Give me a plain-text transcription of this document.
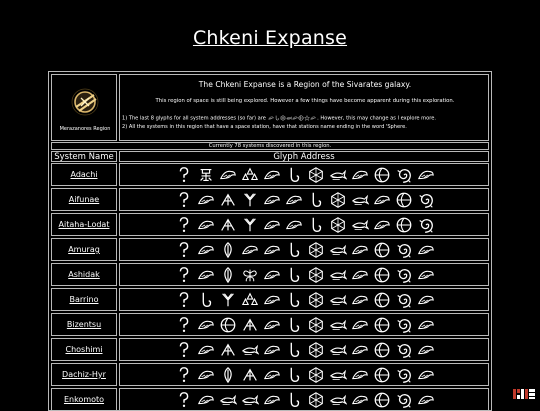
Chkeni Expanse
Merazanores Region
The Chkeni Expanse is a Region of the Sivarates galaxy.
This region of space is still being explored. However a few things have become apparent during this exploration.
1) The last 8 glyphs for all system addresses (so far) are	. However, this may change as I explore more.
2) All the systems in this region that have a space station, have that stations name ending in the word 'Sphere.
Currently 78 systems discovered in this region.
System Name	Glyph Address
Adachi
Aifunae
Aitaha-Lodat
Amurag
Ashidak
Barrino
Bizentsu
Choshimi
Dachiz-Hyr
Enkomoto
